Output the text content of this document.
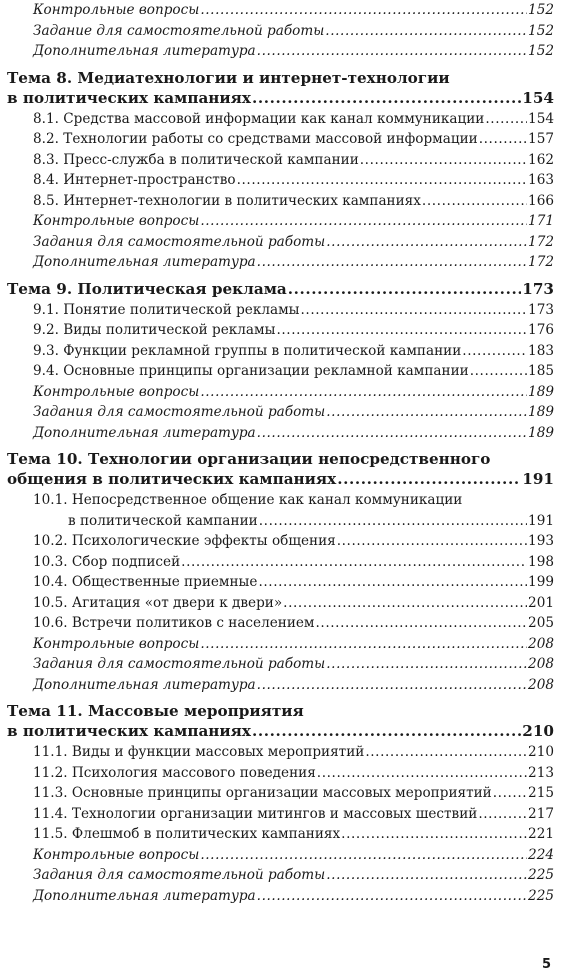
Контрольные вопросы .....	152
Задание для самостоятельной работы .....	152
Дополнительная литература .....	152
Тема 8. Медиатехнологии и интернет-технологии
в политических кампаниях .....	154
8.1. Средства массовой информации как канал коммуникации .....	154
8.2. Технологии работы со средствами массовой информации .....	157
8.3. Пресс-служба в политической кампании .....	162
8.4. Интернет-пространство .....	163
8.5. Интернет-технологии в политических кампаниях .....	166
Контрольные вопросы .....	171
Задания для самостоятельной работы .....	172
Дополнительная литература .....	172
Тема 9. Политическая реклама .....	173
9.1. Понятие политической рекламы .....	173
9.2. Виды политической рекламы .....	176
9.3. Функции рекламной группы в политической кампании .....	183
9.4. Основные принципы организации рекламной кампании .....	185
Контрольные вопросы .....	189
Задания для самостоятельной работы .....	189
Дополнительная литература .....	189
Тема 10. Технологии организации непосредственного
общения в политических кампаниях .....	191
10.1. Непосредственное общение как канал коммуникации
в политической кампании .....	191
10.2. Психологические эффекты общения .....	193
10.3. Сбор подписей .....	198
10.4. Общественные приемные .....	199
10.5. Агитация «от двери к двери» .....	201
10.6. Встречи политиков с населением .....	205
Контрольные вопросы .....	208
Задания для самостоятельной работы .....	208
Дополнительная литература .....	208
Тема 11. Массовые мероприятия
в политических кампаниях .....	210
11.1. Виды и функции массовых мероприятий .....	210
11.2. Психология массового поведения .....	213
11.3. Основные принципы организации массовых мероприятий .....	215
11.4. Технологии организации митингов и массовых шествий .....	217
11.5. Флешмоб в политических кампаниях .....	221
Контрольные вопросы .....	224
Задания для самостоятельной работы .....	225
Дополнительная литература .....	225
5
